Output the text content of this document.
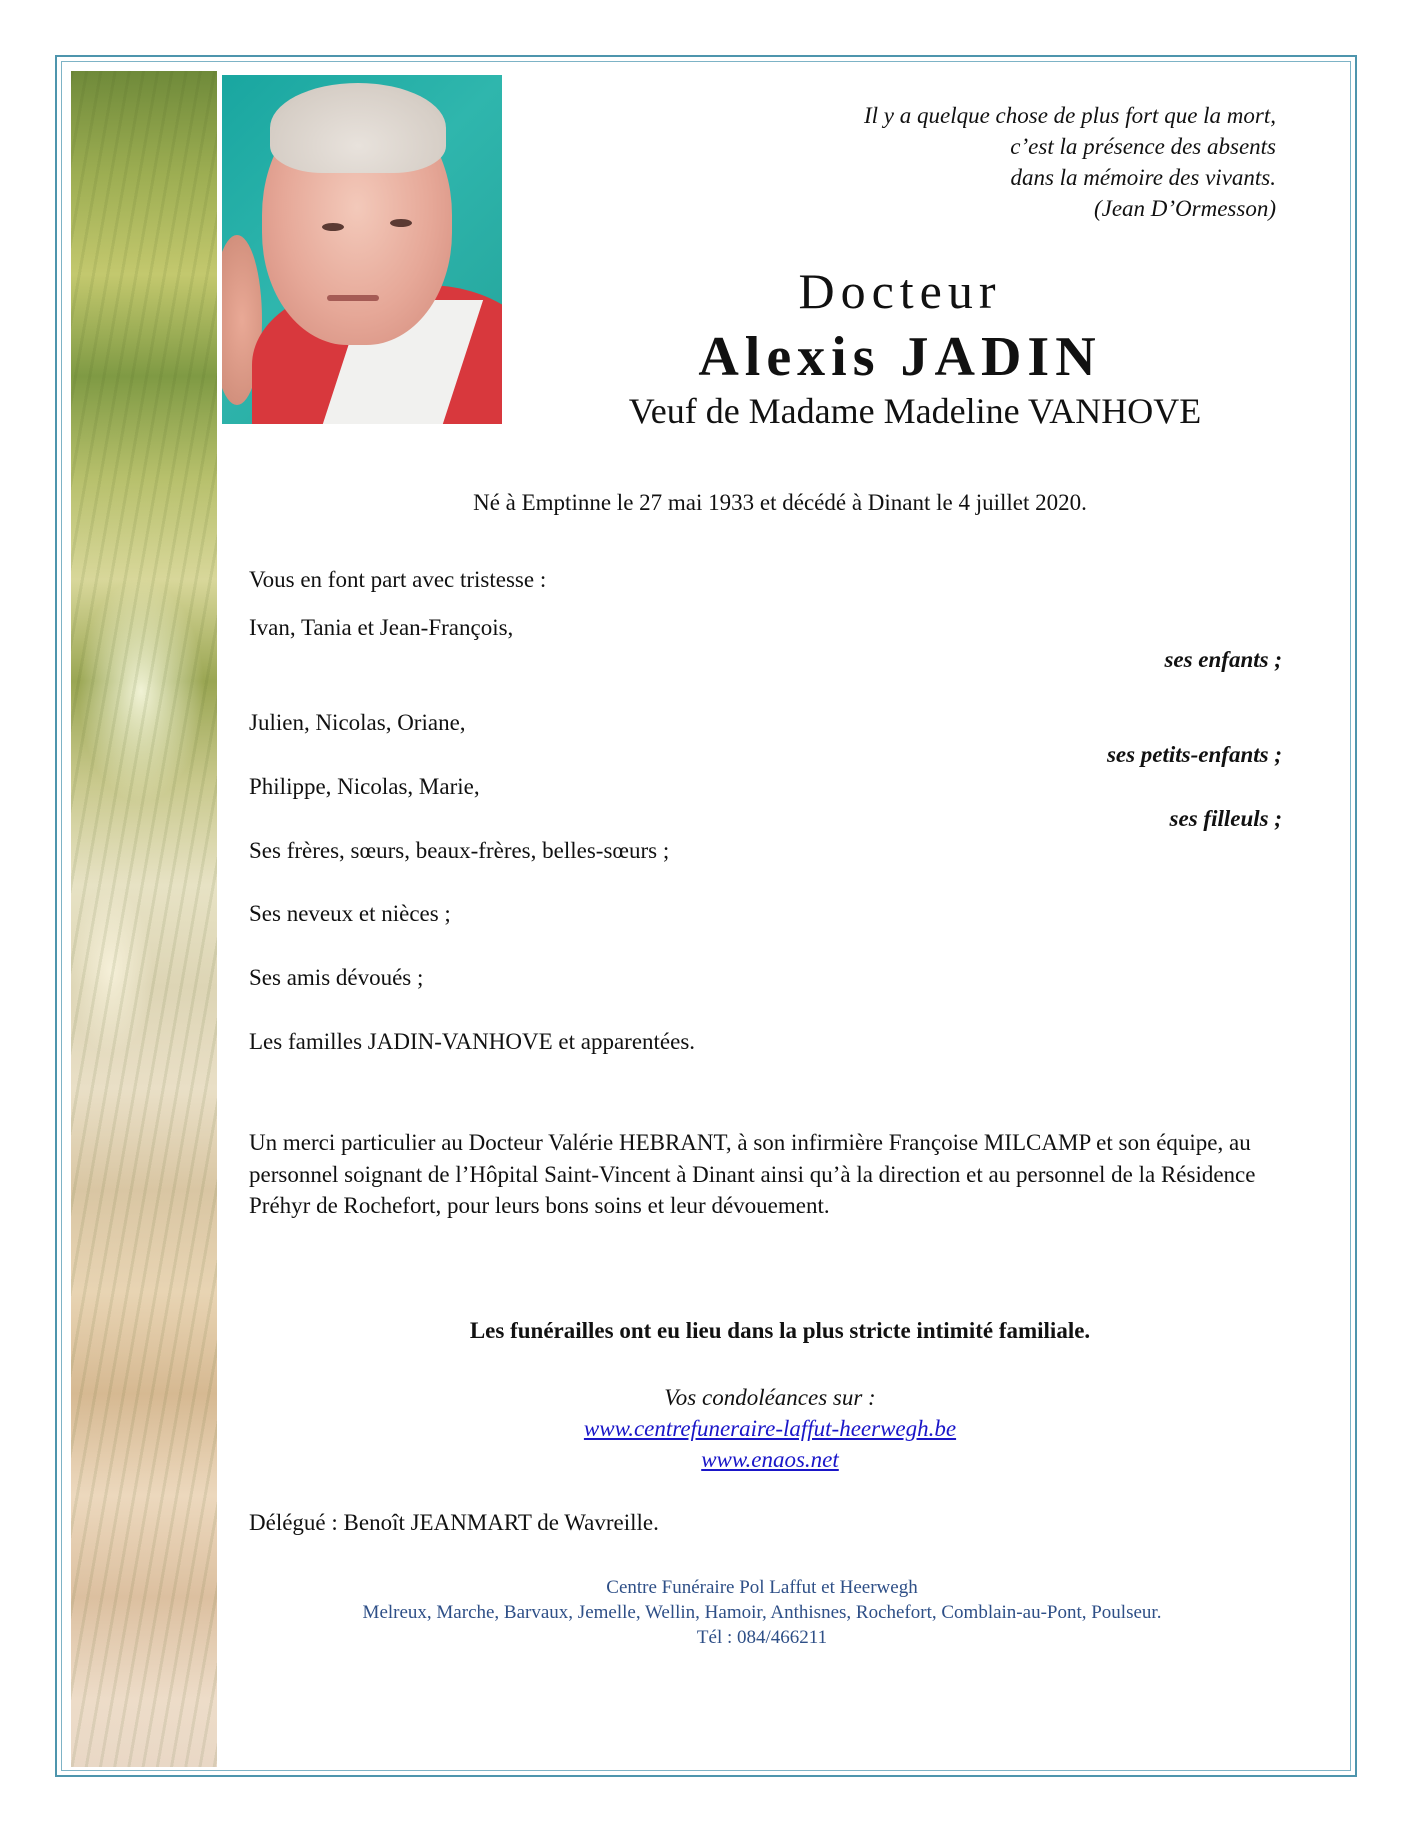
Il y a quelque chose de plus fort que la mort,
c’est la présence des absents
dans la mémoire des vivants.
(Jean D’Ormesson)
Docteur
Alexis JADIN
Veuf de Madame Madeline VANHOVE
Né à Emptinne le 27 mai 1933 et décédé à Dinant le 4 juillet 2020.
Vous en font part avec tristesse :
Ivan, Tania et Jean-François,
ses enfants ;
Julien, Nicolas, Oriane,
ses petits-enfants ;
Philippe, Nicolas, Marie,
ses filleuls ;
Ses frères, sœurs, beaux-frères, belles-sœurs ;
Ses neveux et nièces ;
Ses amis dévoués ;
Les familles JADIN-VANHOVE et apparentées.
Un merci particulier au Docteur Valérie HEBRANT, à son infirmière Françoise MILCAMP et son équipe, au personnel soignant de l’Hôpital Saint-Vincent à Dinant ainsi qu’à la direction et au personnel de la Résidence Préhyr de Rochefort, pour leurs bons soins et leur dévouement.
Les funérailles ont eu lieu dans la plus stricte intimité familiale.
Vos condoléances sur :
www.centrefuneraire-laffut-heerwegh.be
www.enaos.net
Délégué : Benoît JEANMART de Wavreille.
Centre Funéraire Pol Laffut et Heerwegh
Melreux, Marche, Barvaux, Jemelle, Wellin, Hamoir, Anthisnes, Rochefort, Comblain-au-Pont, Poulseur.
Tél : 084/466211
